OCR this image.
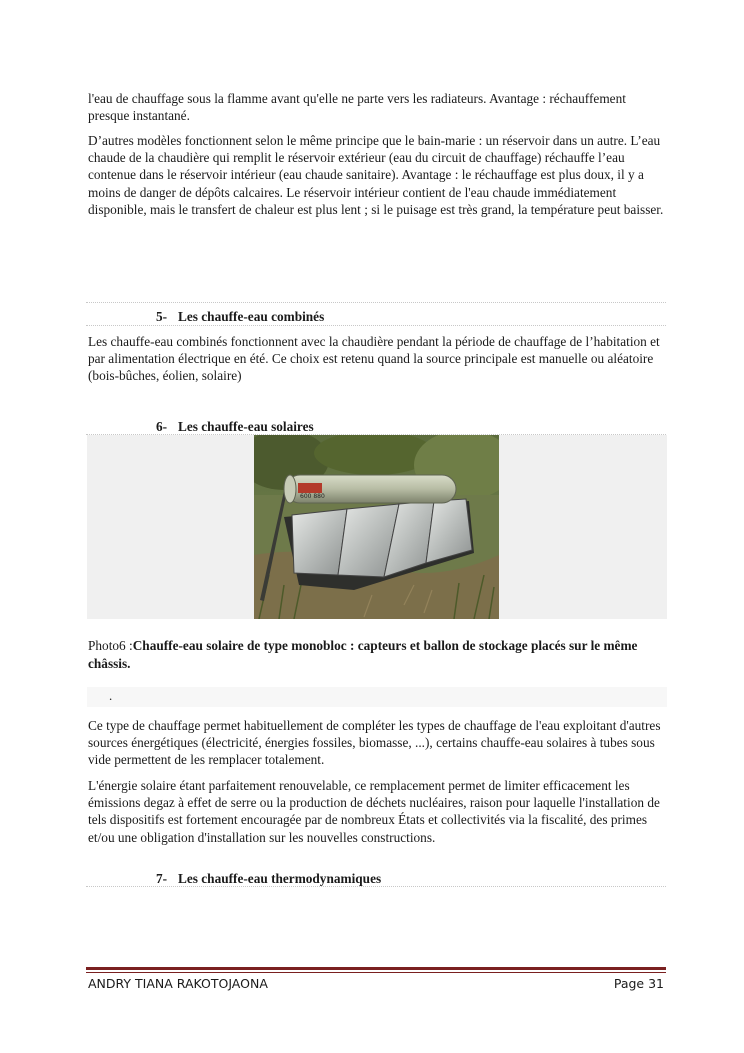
l'eau de chauffage sous la flamme avant qu'elle ne parte vers les radiateurs. Avantage : réchauffement presque instantané.

D’autres modèles fonctionnent selon le même principe que le bain-marie : un réservoir dans un autre. L’eau chaude de la chaudière qui remplit le réservoir extérieur (eau du circuit de chauffage) réchauffe l’eau contenue dans le réservoir intérieur (eau chaude sanitaire). Avantage : le réchauffage est plus doux, il y a moins de danger de dépôts calcaires. Le réservoir intérieur contient de l'eau chaude immédiatement disponible, mais le transfert de chaleur est plus lent ; si le puisage est très grand, la température peut baisser.

5- Les chauffe-eau combinés

Les chauffe-eau combinés fonctionnent avec la chaudière pendant la période de chauffage de l’habitation et par alimentation électrique en été. Ce choix est retenu quand la source principale est manuelle ou aléatoire (bois-bûches, éolien, solaire)

6- Les chauffe-eau solaires
600 880

Photo6 :Chauffe-eau solaire de type monobloc : capteurs et ballon de stockage placés sur le même châssis.

.

Ce type de chauffage permet habituellement de compléter les types de chauffage de l'eau exploitant d'autres sources énergétiques (électricité, énergies fossiles, biomasse, ...), certains chauffe-eau solaires à tubes sous vide permettent de les remplacer totalement.

L'énergie solaire étant parfaitement renouvelable, ce remplacement permet de limiter efficacement les émissions degaz à effet de serre ou la production de déchets nucléaires, raison pour laquelle l'installation de tels dispositifs est fortement encouragée par de nombreux États et collectivités via la fiscalité, des primes et/ou une obligation d'installation sur les nouvelles constructions.

7- Les chauffe-eau thermodynamiques
ANDRY TIANA RAKOTOJAONA	Page 31
